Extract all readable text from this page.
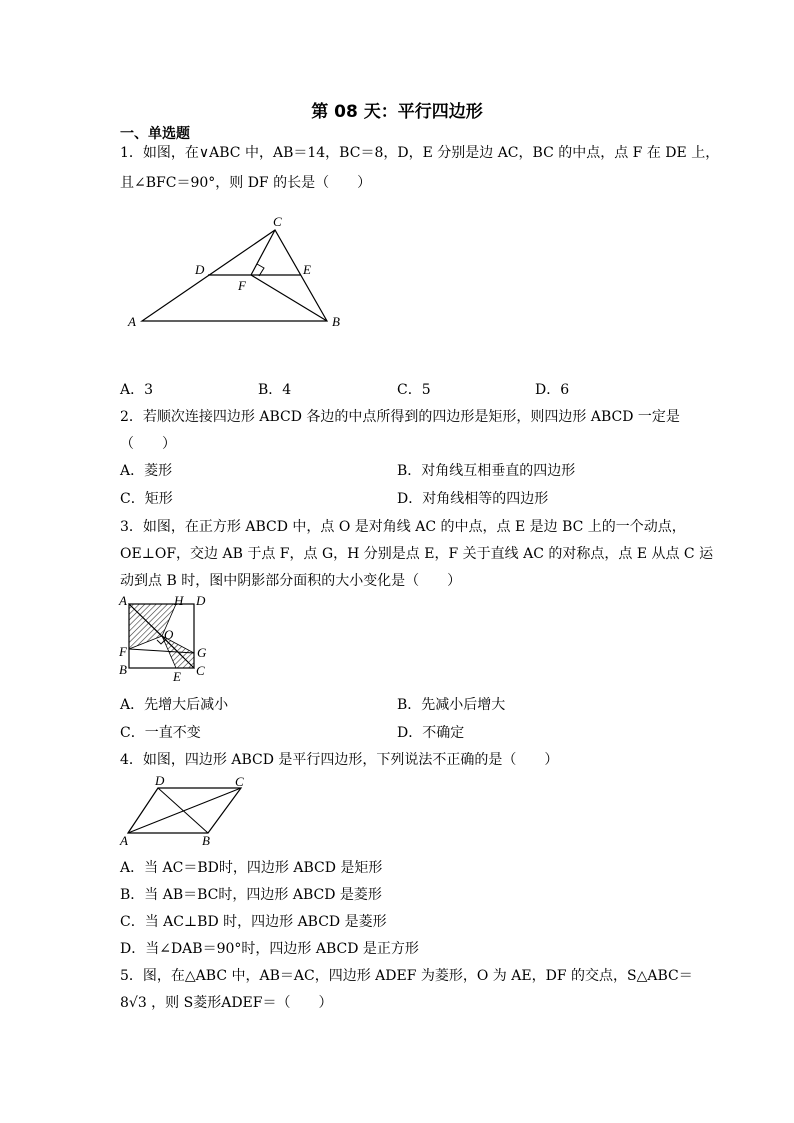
第 08 天：平行四边形
一、单选题
1．如图，在∨ABC 中，AB＝14，BC＝8，D，E 分别是边 AC，BC 的中点，点 F 在 DE 上，
且∠BFC＝90°，则 DF 的长是（　　）
C
D	E
F
A	B
A．3	B．4	C．5	D．6
2．若顺次连接四边形 ABCD 各边的中点所得到的四边形是矩形，则四边形 ABCD 一定是
（　　）
A．菱形	B．对角线互相垂直的四边形
C．矩形	D．对角线相等的四边形
3．如图，在正方形 ABCD 中，点 O 是对角线 AC 的中点，点 E 是边 BC 上的一个动点，
OE⊥OF，交边 AB 于点 F，点 G，H 分别是点 E，F 关于直线 AC 的对称点，点 E 从点 C 运
动到点 B 时，图中阴影部分面积的大小变化是（　　）
A	H D
O
F	G
B	C
E
A．先增大后减小	B．先减小后增大
C．一直不变	D．不确定
4．如图，四边形 ABCD 是平行四边形，下列说法不正确的是（　　）
D	C
A	B
A．当 AC＝BD时，四边形 ABCD 是矩形
B．当 AB＝BC时，四边形 ABCD 是菱形
C．当 AC⊥BD 时，四边形 ABCD 是菱形
D．当∠DAB＝90°时，四边形 ABCD 是正方形
5．图，在△ABC 中，AB＝AC，四边形 ADEF 为菱形，O 为 AE，DF 的交点，S△ABC＝
8√3 ，则 S菱形ADEF＝（　　）
